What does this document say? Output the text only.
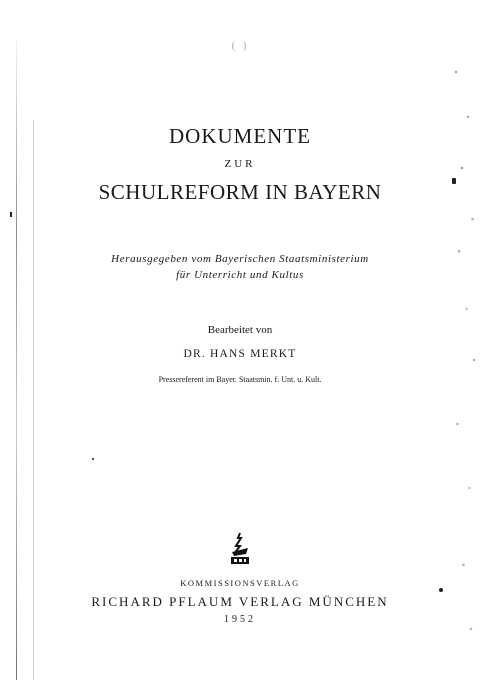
( )
DOKUMENTE
ZUR
SCHULREFORM IN BAYERN
Herausgegeben vom Bayerischen Staatsministerium
für Unterricht und Kultus
Bearbeitet von
DR. HANS MERKT
Pressereferent im Bayer. Staatsmin. f. Unt. u. Kult.
KOMMISSIONSVERLAG
RICHARD PFLAUM VERLAG MÜNCHEN
1952
